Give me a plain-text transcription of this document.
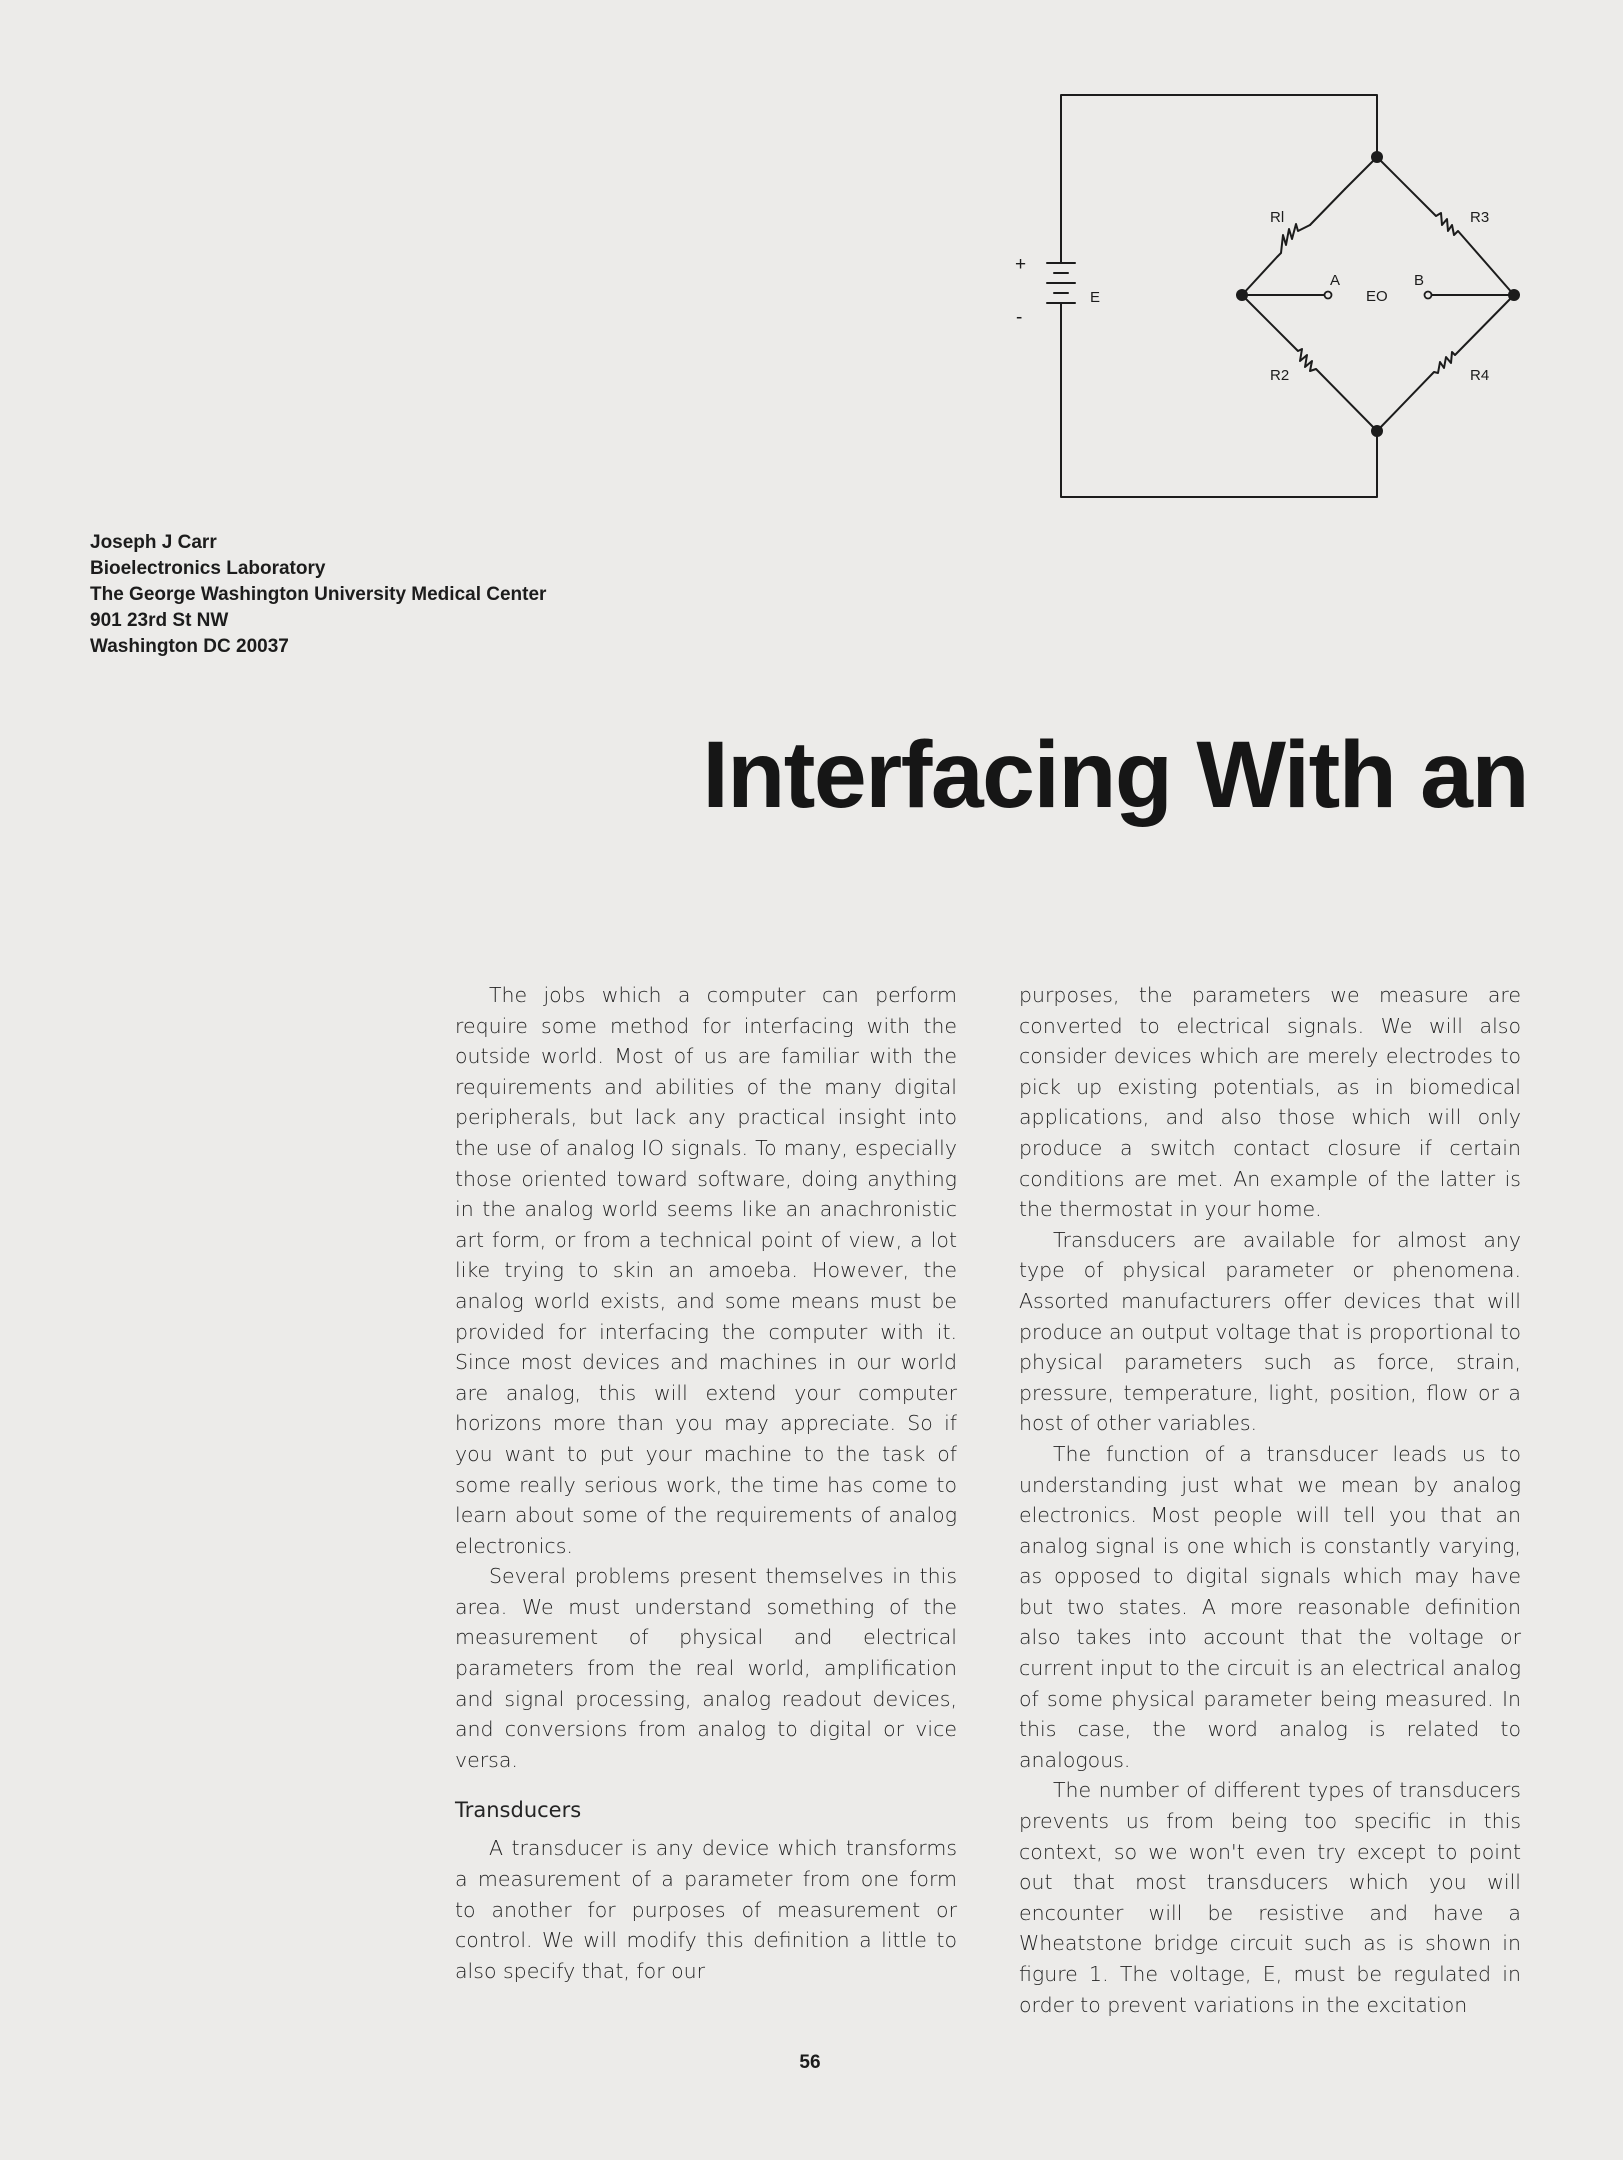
+
-
E
Rl	R3
R2	R4
A	B
EO
Joseph J Carr
Bioelectronics Laboratory
The George Washington University Medical Center
901 23rd St NW
Washington DC 20037
Interfacing With an

The jobs which a computer can perform require some method for interfacing with the outside world. Most of us are familiar with the requirements and abilities of the many digital peripherals, but lack any practical insight into the use of analog IO signals. To many, especially those oriented toward software, doing anything in the analog world seems like an anachronistic art form, or from a technical point of view, a lot like trying to skin an amoeba. However, the analog world exists, and some means must be provided for interfacing the computer with it. Since most devices and machines in our world are analog, this will extend your computer horizons more than you may appreciate. So if you want to put your machine to the task of some really serious work, the time has come to learn about some of the requirements of analog electronics.

Several problems present themselves in this area. We must understand something of the measurement of physical and electrical parameters from the real world, amplification and signal processing, analog readout devices, and conversions from analog to digital or vice versa.

Transducers

A transducer is any device which transforms a measurement of a parameter from one form to another for purposes of measurement or control. We will modify this definition a little to also specify that, for our

purposes, the parameters we measure are converted to electrical signals. We will also consider devices which are merely electrodes to pick up existing potentials, as in biomedical applications, and also those which will only produce a switch contact closure if certain conditions are met. An example of the latter is the thermostat in your home.

Transducers are available for almost any type of physical parameter or phenomena. Assorted manufacturers offer devices that will produce an output voltage that is proportional to physical parameters such as force, strain, pressure, temperature, light, position, flow or a host of other variables.

The function of a transducer leads us to understanding just what we mean by analog electronics. Most people will tell you that an analog signal is one which is constantly varying, as opposed to digital signals which may have but two states. A more reasonable definition also takes into account that the voltage or current input to the circuit is an electrical analog of some physical parameter being measured. In this case, the word analog is related to analogous.

The number of different types of transducers prevents us from being too specific in this context, so we won't even try except to point out that most transducers which you will encounter will be resistive and have a Wheatstone bridge circuit such as is shown in figure 1. The voltage, E, must be regulated in order to prevent variations in the excitation

56
